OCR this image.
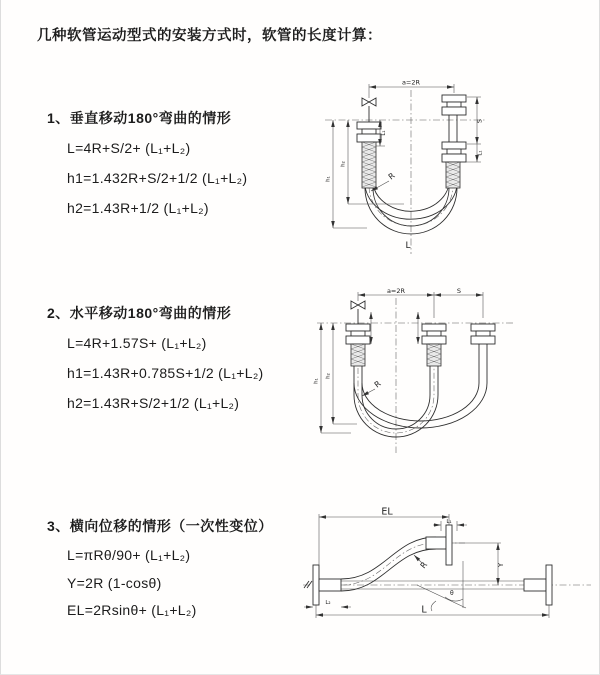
几种软管运动型式的安装方式时，软管的长度计算：
1、垂直移动180°弯曲的情形
L=4R+S/2+ (L₁+L₂)
h1=1.432R+S/2+1/2 (L₁+L₂)
h2=1.43R+1/2 (L₁+L₂)
a=2R
L₁
h₂
h₁
S
L₁
R
L
2、水平移动180°弯曲的情形
L=4R+1.57S+ (L₁+L₂)
h1=1.43R+0.785S+1/2 (L₁+L₂)
h2=1.43R+S/2+1/2 (L₁+L₂)
a=2R	S
h₂
h₁	R
3、横向位移的情形（一次性变位）
L=πRθ/90+ (L₁+L₂)
Y=2R (1-cosθ)
EL=2Rsinθ+ (L₁+L₂)
EL
L₁
Y
R
θ
L
L₂
